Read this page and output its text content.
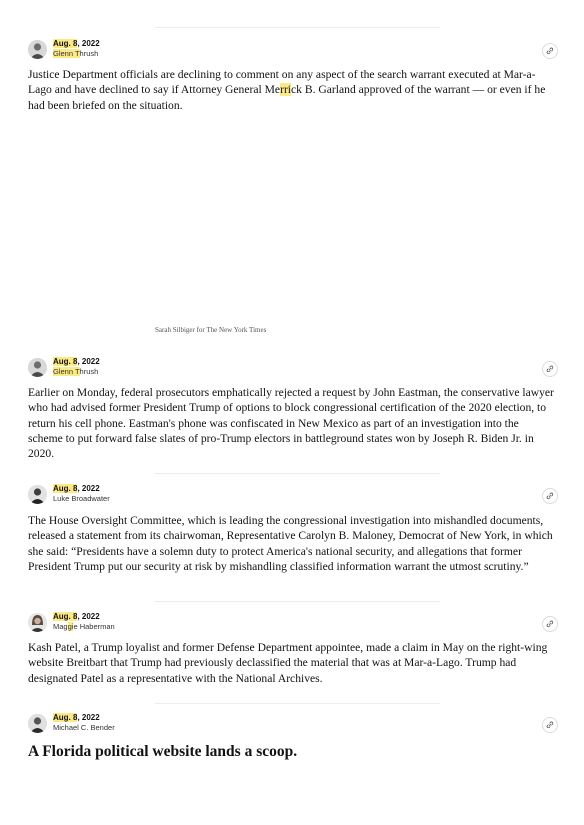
Aug. 8, 2022
Glenn Thrush

Justice Department officials are declining to comment on any aspect of the search warrant executed at Mar-a-Lago and have declined to say if Attorney General Merrick B. Garland approved of the warrant — or even if he had been briefed on the situation.

Sarah Silbiger for The New York Times
Aug. 8, 2022
Glenn Thrush

Earlier on Monday, federal prosecutors emphatically rejected a request by John Eastman, the conservative lawyer who had advised former President Trump of options to block congressional certification of the 2020 election, to return his cell phone. Eastman's phone was confiscated in New Mexico as part of an investigation into the scheme to put forward false slates of pro-Trump electors in battleground states won by Joseph R. Biden Jr. in 2020.

Aug. 8, 2022
Luke Broadwater

The House Oversight Committee, which is leading the congressional investigation into mishandled documents, released a statement from its chairwoman, Representative Carolyn B. Maloney, Democrat of New York, in which she said: “Presidents have a solemn duty to protect America's national security, and allegations that former President Trump put our security at risk by mishandling classified information warrant the utmost scrutiny.”

Aug. 8, 2022
Maggie Haberman

Kash Patel, a Trump loyalist and former Defense Department appointee, made a claim in May on the right-wing website Breitbart that Trump had previously declassified the material that was at Mar-a-Lago. Trump had designated Patel as a representative with the National Archives.

Aug. 8, 2022
Michael C. Bender
A Florida political website lands a scoop.
